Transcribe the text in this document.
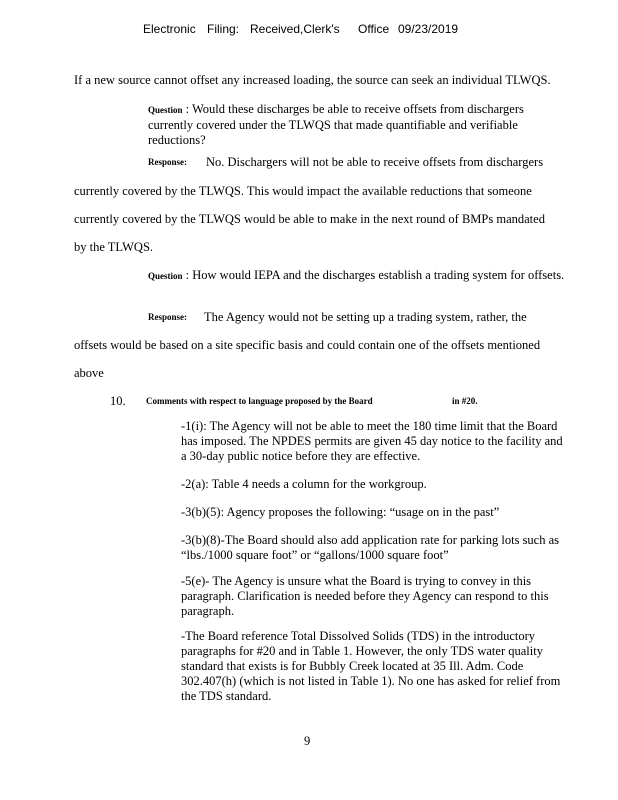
Electronic Filing: Received,Clerk's Office 09/23/2019
If a new source cannot offset any increased loading, the source can seek an individual TLWQS.
Question : Would these discharges be able to receive offsets from dischargers currently covered under the TLWQS that made quantifiable and verifiable reductions?
Response: No. Dischargers will not be able to receive offsets from dischargers
currently covered by the TLWQS. This would impact the available reductions that someone
currently covered by the TLWQS would be able to make in the next round of BMPs mandated
by the TLWQS.
Question : How would IEPA and the discharges establish a trading system for offsets.
Response: The Agency would not be setting up a trading system, rather, the
offsets would be based on a site specific basis and could contain one of the offsets mentioned
above
10. Comments with respect to language proposed by the Board	in #20.
-1(i): The Agency will not be able to meet the 180 time limit that the Board has imposed. The NPDES permits are given 45 day notice to the facility and a 30-day public notice before they are effective.
-2(a): Table 4 needs a column for the workgroup.
-3(b)(5): Agency proposes the following: “usage on in the past”
-3(b)(8)-The Board should also add application rate for parking lots such as “lbs./1000 square foot” or “gallons/1000 square foot”
-5(e)- The Agency is unsure what the Board is trying to convey in this paragraph. Clarification is needed before they Agency can respond to this paragraph.
-The Board reference Total Dissolved Solids (TDS) in the introductory paragraphs for #20 and in Table 1. However, the only TDS water quality standard that exists is for Bubbly Creek located at 35 Ill. Adm. Code 302.407(h) (which is not listed in Table 1). No one has asked for relief from the TDS standard.
9
